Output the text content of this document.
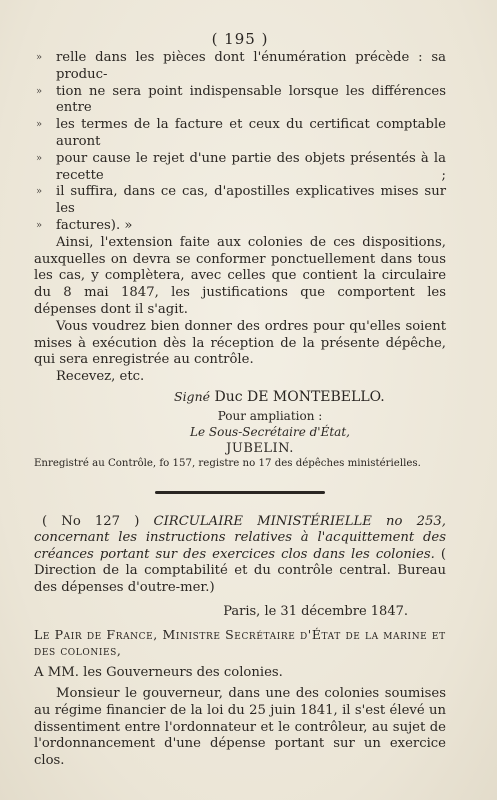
( 195 )
»	relle dans les pièces dont l'énumération précède : sa produc-
»	tion ne sera point indispensable lorsque les différences entre
»	les termes de la facture et ceux du certificat comptable auront
»	pour cause le rejet d'une partie des objets présentés à la recette ;
»	il suffira, dans ce cas, d'apostilles explicatives mises sur les
»	factures). »

Ainsi, l'extension faite aux colonies de ces dispositions, auxquelles on devra se conformer ponctuellement dans tous les cas, y complètera, avec celles que contient la circulaire du 8 mai 1847, les justifications que comportent les dépenses dont il s'agit.

Vous voudrez bien donner des ordres pour qu'elles soient mises à exécution dès la réception de la présente dépêche, qui sera enregistrée au contrôle.

Recevez, etc.

Signé Duc DE MONTEBELLO.
Pour ampliation :
Le Sous-Secrétaire d'État,
JUBELIN.
Enregistré au Contrôle, fo 157, registre no 17 des dépêches ministérielles.
( No 127 ) CIRCULAIRE MINISTÉRIELLE no 253, concernant les instructions relatives à l'acquittement des créances portant sur des exercices clos dans les colonies. ( Direction de la comptabilité et du contrôle central. Bureau des dépenses d'outre-mer.)
Paris, le 31 décembre 1847.
Le Pair de France, Ministre Secrétaire d'État de la marine et des colonies,
A MM. les Gouverneurs des colonies.

Monsieur le gouverneur, dans une des colonies soumises au régime financier de la loi du 25 juin 1841, il s'est élevé un dissentiment entre l'ordonnateur et le contrôleur, au sujet de l'ordonnancement d'une dépense portant sur un exercice clos.
